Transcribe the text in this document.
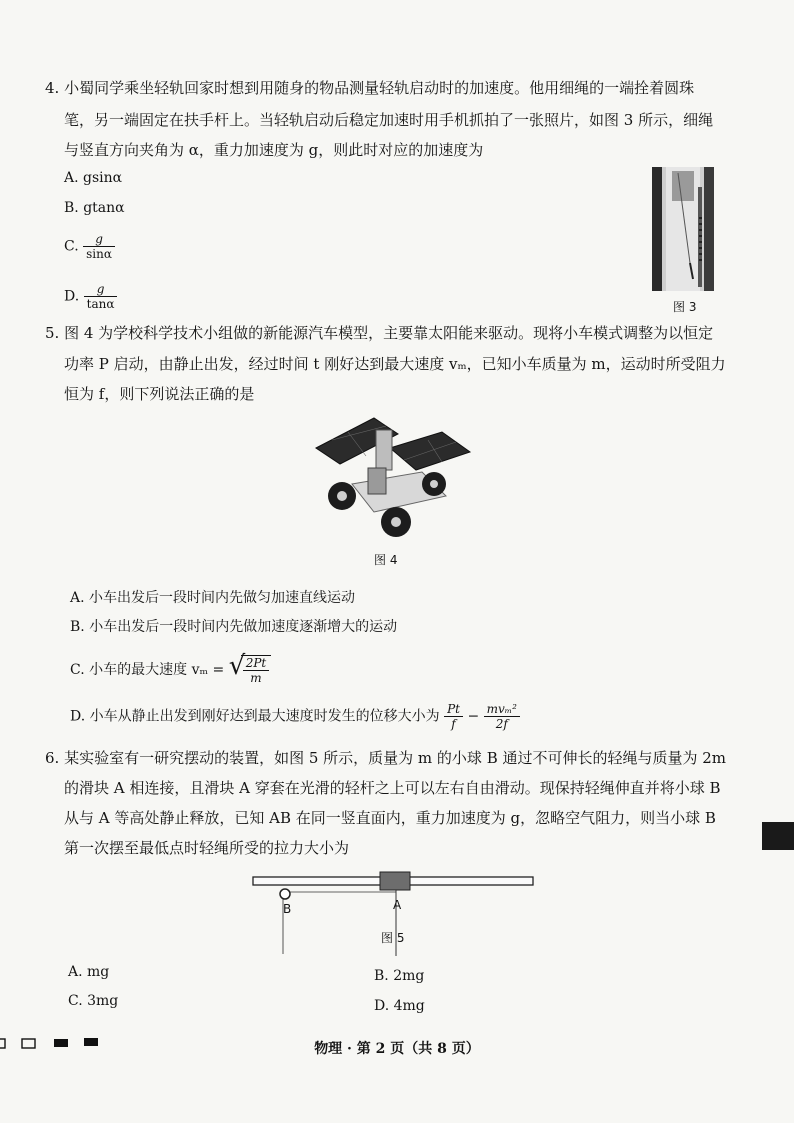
4. 小蜀同学乘坐轻轨回家时想到用随身的物品测量轻轨启动时的加速度。他用细绳的一端拴着圆珠
笔，另一端固定在扶手杆上。当轻轨启动后稳定加速时用手机抓拍了一张照片，如图 3 所示，细绳
与竖直方向夹角为 α，重力加速度为 g，则此时对应的加速度为
A. gsinα
B. gtanα
C. $\frac{g}{\sin\alpha}$
D. $\frac{g}{\tan\alpha}$	图 3
5. 图 4 为学校科学技术小组做的新能源汽车模型，主要靠太阳能来驱动。现将小车模式调整为以恒定
功率 P 启动，由静止出发，经过时间 t 刚好达到最大速度 vₘ，已知小车质量为 m，运动时所受阻力
恒为 f，则下列说法正确的是
图 4
A. 小车出发后一段时间内先做匀加速直线运动
B. 小车出发后一段时间内先做加速度逐渐增大的运动
C. 小车的最大速度 vₘ = √
$\frac{2Pt}{m}$
D. 小车从静止出发到刚好达到最大速度时发生的位移大小为 $\frac{Pt}{f} - \frac{\text{mvₘ²}}{2f}$
6. 某实验室有一研究摆动的装置，如图 5 所示，质量为 m 的小球 B 通过不可伸长的轻绳与质量为 2m
的滑块 A 相连接，且滑块 A 穿套在光滑的轻杆之上可以左右自由滑动。现保持轻绳伸直并将小球 B
从与 A 等高处静止释放，已知 AB 在同一竖直面内，重力加速度为 g，忽略空气阻力，则当小球 B
第一次摆至最低点时轻绳所受的拉力大小为
B	A
图 5
A. mg	B. 2mg
C. 3mg	D. 4mg
物理 · 第 2 页（共 8 页）
